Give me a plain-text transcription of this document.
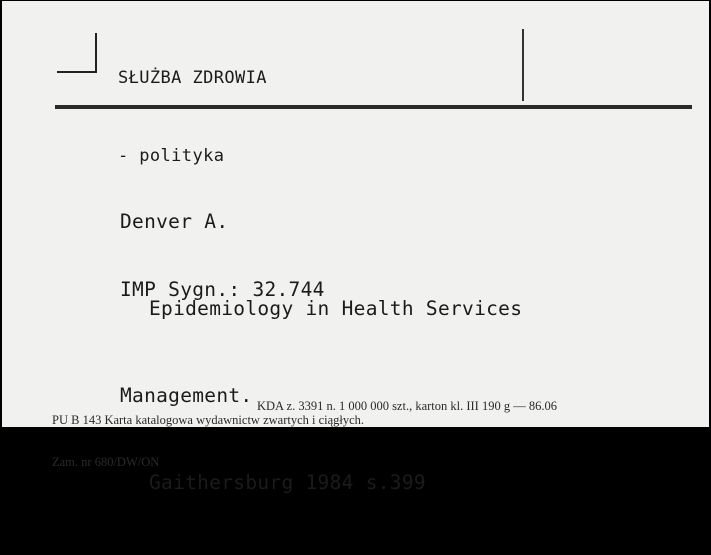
SŁUŻBA ZDROWIA

- polityka

Denver A.

Epidemiology in Health Services

Management.

Gaithersburg 1984 s.399

IMP Sygn.: 32.744

PU B 143 Karta katalogowa wydawnictw zwartych i ciągłych.

Zam. nr 680/DW/ON

KDA z. 3391 n. 1 000 000 szt., karton kl. III 190 g — 86.06
